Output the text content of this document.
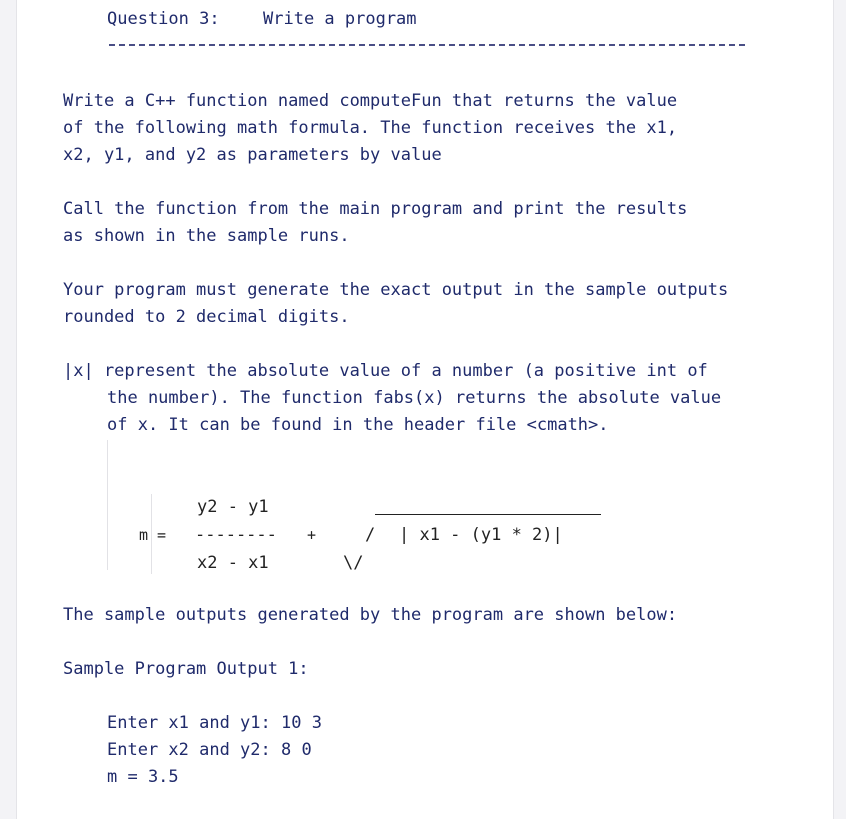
Question 3:	Write a program
Write a C++ function named computeFun that returns the value
of the following math formula. The function receives the x1,
x2, y1, and y2 as parameters by value
Call the function from the main program and print the results
as shown in the sample runs.
Your program must generate the exact output in the sample outputs
rounded to 2 decimal digits.
|x| represent the absolute value of a number (a positive int of
the number). The function fabs(x) returns the absolute value
of x. It can be found in the header file <cmath>.
y2 - y1
m = -------- +	/ | x1 - (y1 * 2)|
x2 - x1	\/
The sample outputs generated by the program are shown below:
Sample Program Output 1:
Enter x1 and y1: 10 3
Enter x2 and y2: 8 0
m = 3.5
